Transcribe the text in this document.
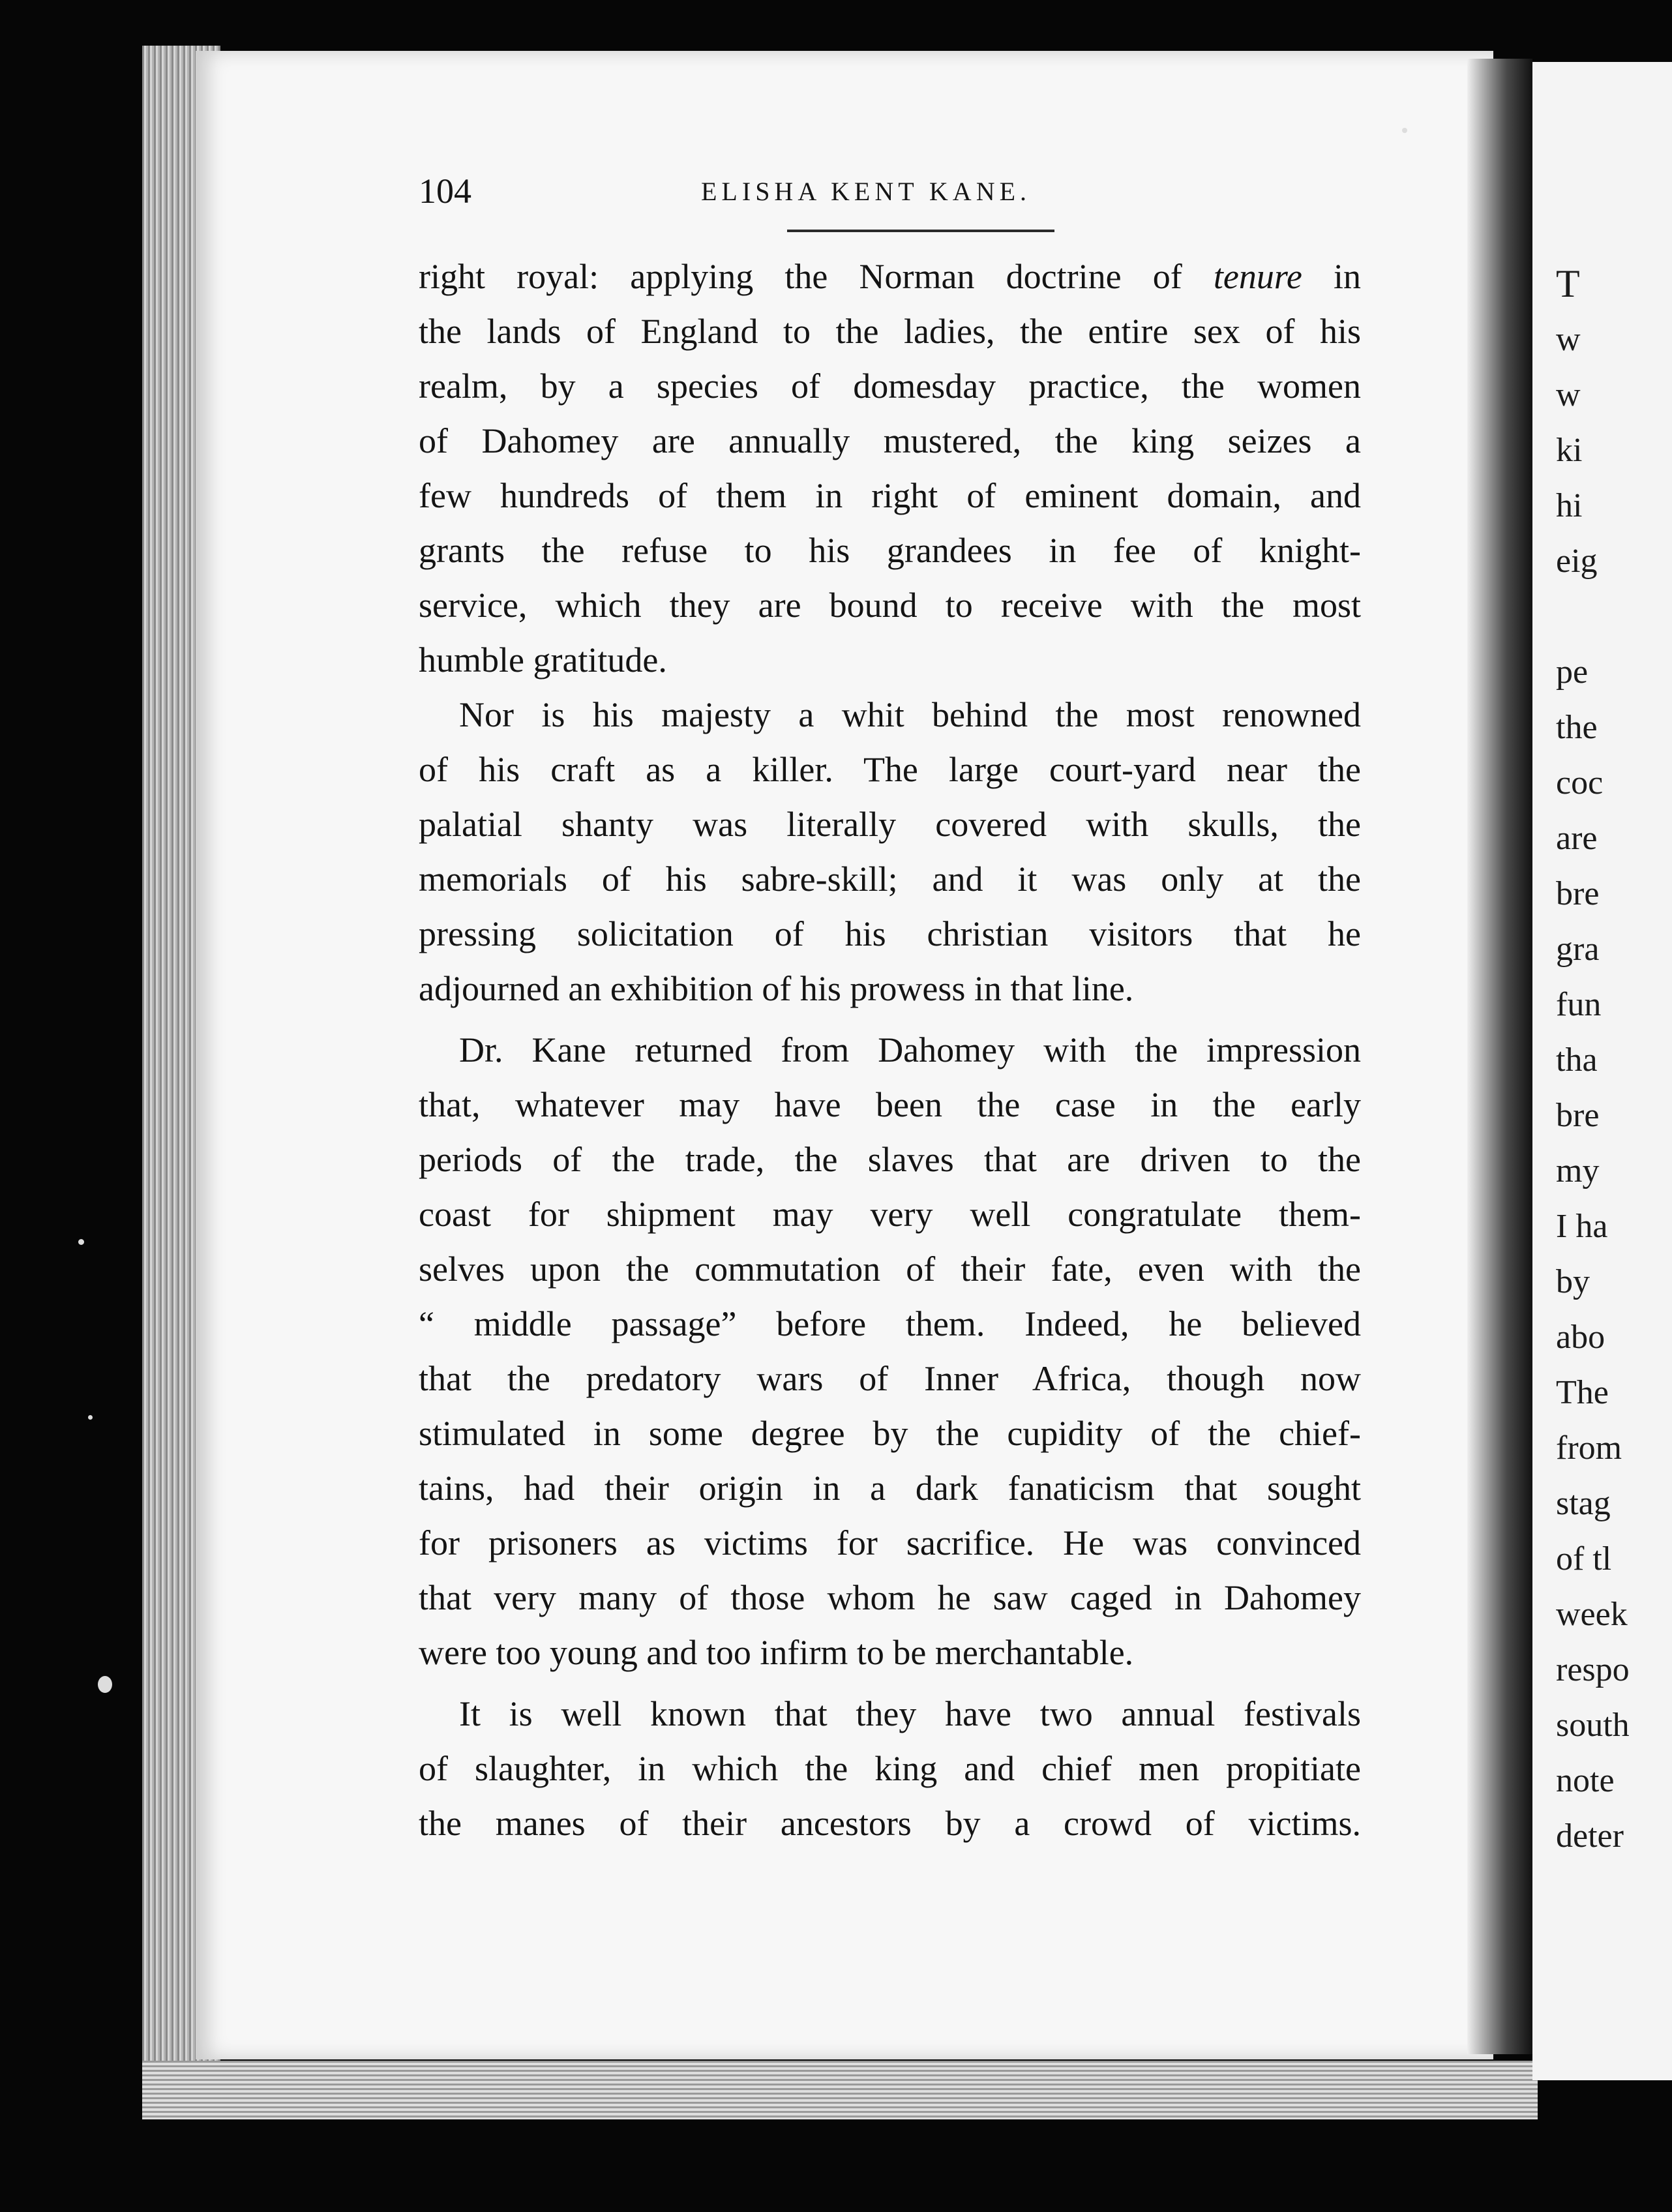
T
w
w
ki
hi
eig
pe
the
coc
are
bre
gra
fun
tha
bre
my
I ha
by
abo
The
from
stag
of tl
week
respo
south
note
deter
104	ELISHA KENT KANE.
right royal: applying the Norman doctrine of tenure in
the lands of England to the ladies, the entire sex of his
realm, by a species of domesday practice, the women
of Dahomey are annually mustered, the king seizes a
few hundreds of them in right of eminent domain, and
grants the refuse to his grandees in fee of knight-
service, which they are bound to receive with the most
humble gratitude.
Nor is his majesty a whit behind the most renowned
of his craft as a killer. The large court-yard near the
palatial shanty was literally covered with skulls, the
memorials of his sabre-skill; and it was only at the
pressing solicitation of his christian visitors that he
adjourned an exhibition of his prowess in that line.
Dr. Kane returned from Dahomey with the impression
that, whatever may have been the case in the early
periods of the trade, the slaves that are driven to the
coast for shipment may very well congratulate them-
selves upon the commutation of their fate, even with the
“ middle passage” before them. Indeed, he believed
that the predatory wars of Inner Africa, though now
stimulated in some degree by the cupidity of the chief-
tains, had their origin in a dark fanaticism that sought
for prisoners as victims for sacrifice. He was convinced
that very many of those whom he saw caged in Dahomey
were too young and too infirm to be merchantable.
It is well known that they have two annual festivals
of slaughter, in which the king and chief men propitiate
the manes of their ancestors by a crowd of victims.
